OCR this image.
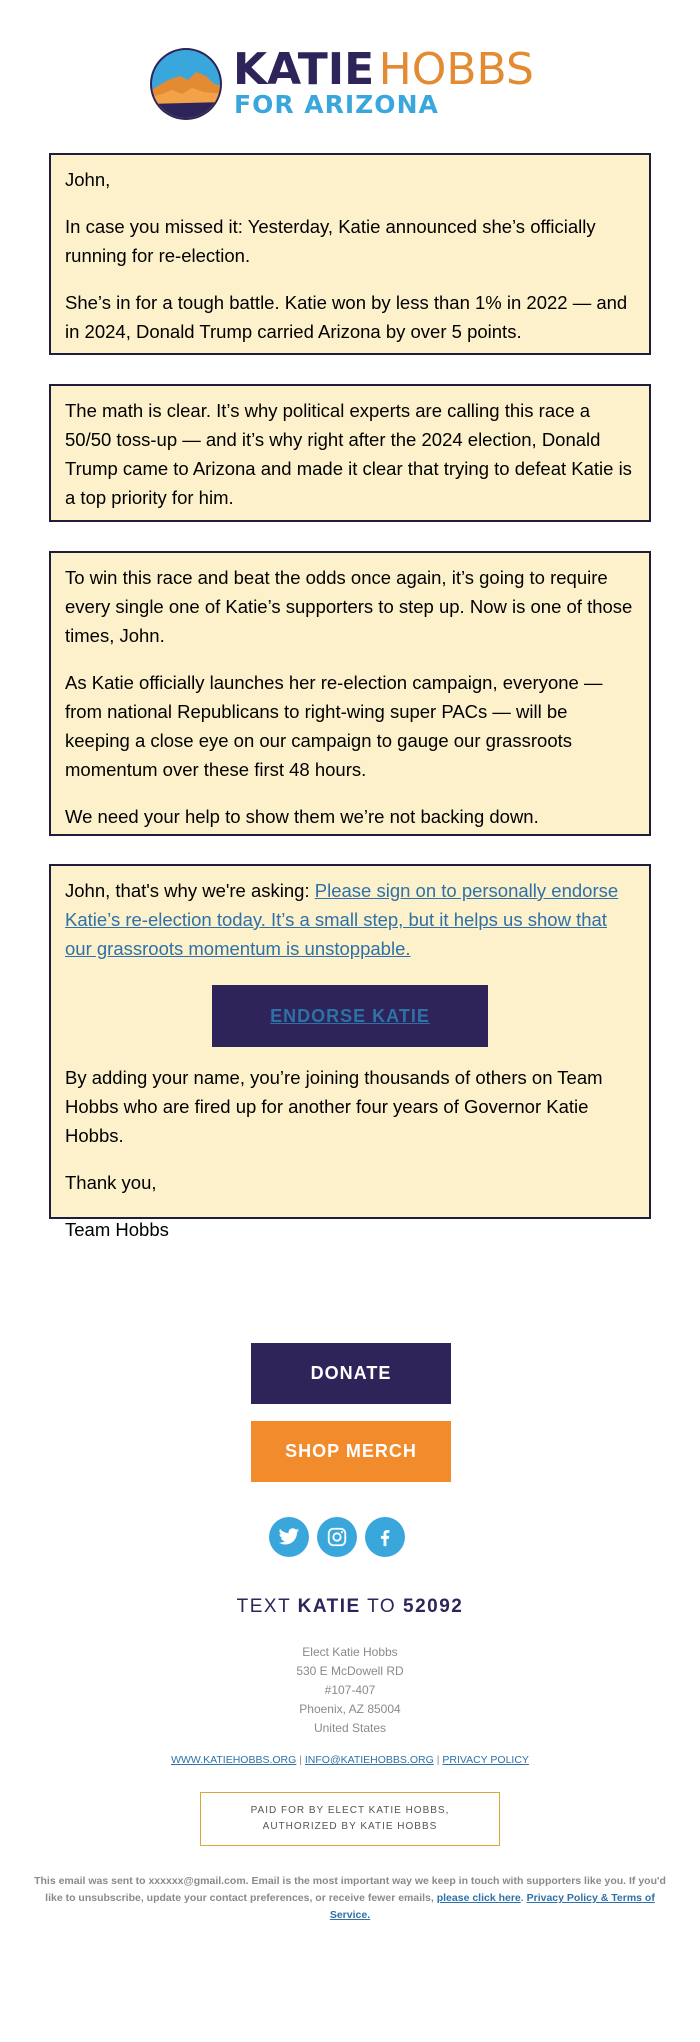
KATIE HOBBS
FOR ARIZONA

John,

In case you missed it: Yesterday, Katie announced she’s officially running for re-election.

She’s in for a tough battle. Katie won by less than 1% in 2022 — and in 2024, Donald Trump carried Arizona by over 5 points.

The math is clear. It’s why political experts are calling this race a 50/50 toss-up — and it’s why right after the 2024 election, Donald Trump came to Arizona and made it clear that trying to defeat Katie is a top priority for him.

To win this race and beat the odds once again, it’s going to require every single one of Katie’s supporters to step up. Now is one of those times, John.

As Katie officially launches her re-election campaign, everyone — from national Republicans to right-wing super PACs — will be keeping a close eye on our campaign to gauge our grassroots momentum over these first 48 hours.

We need your help to show them we’re not backing down.

John, that's why we're asking: Please sign on to personally endorse Katie’s re-election today. It’s a small step, but it helps us show that our grassroots momentum is unstoppable.

ENDORSE KATIE

By adding your name, you’re joining thousands of others on Team Hobbs who are fired up for another four years of Governor Katie Hobbs.

Thank you,

Team Hobbs

DONATE
SHOP MERCH
TEXT KATIE TO 52092
Elect Katie Hobbs
530 E McDowell RD
#107-407
Phoenix, AZ 85004
United States
WWW.KATIEHOBBS.ORG | INFO@KATIEHOBBS.ORG | PRIVACY POLICY
PAID FOR BY ELECT KATIE HOBBS,
AUTHORIZED BY KATIE HOBBS
This email was sent to xxxxxx@gmail.com. Email is the most important way we keep in touch with supporters like you. If you'd like to unsubscribe, update your contact preferences, or receive fewer emails, please click here. Privacy Policy & Terms of Service.
